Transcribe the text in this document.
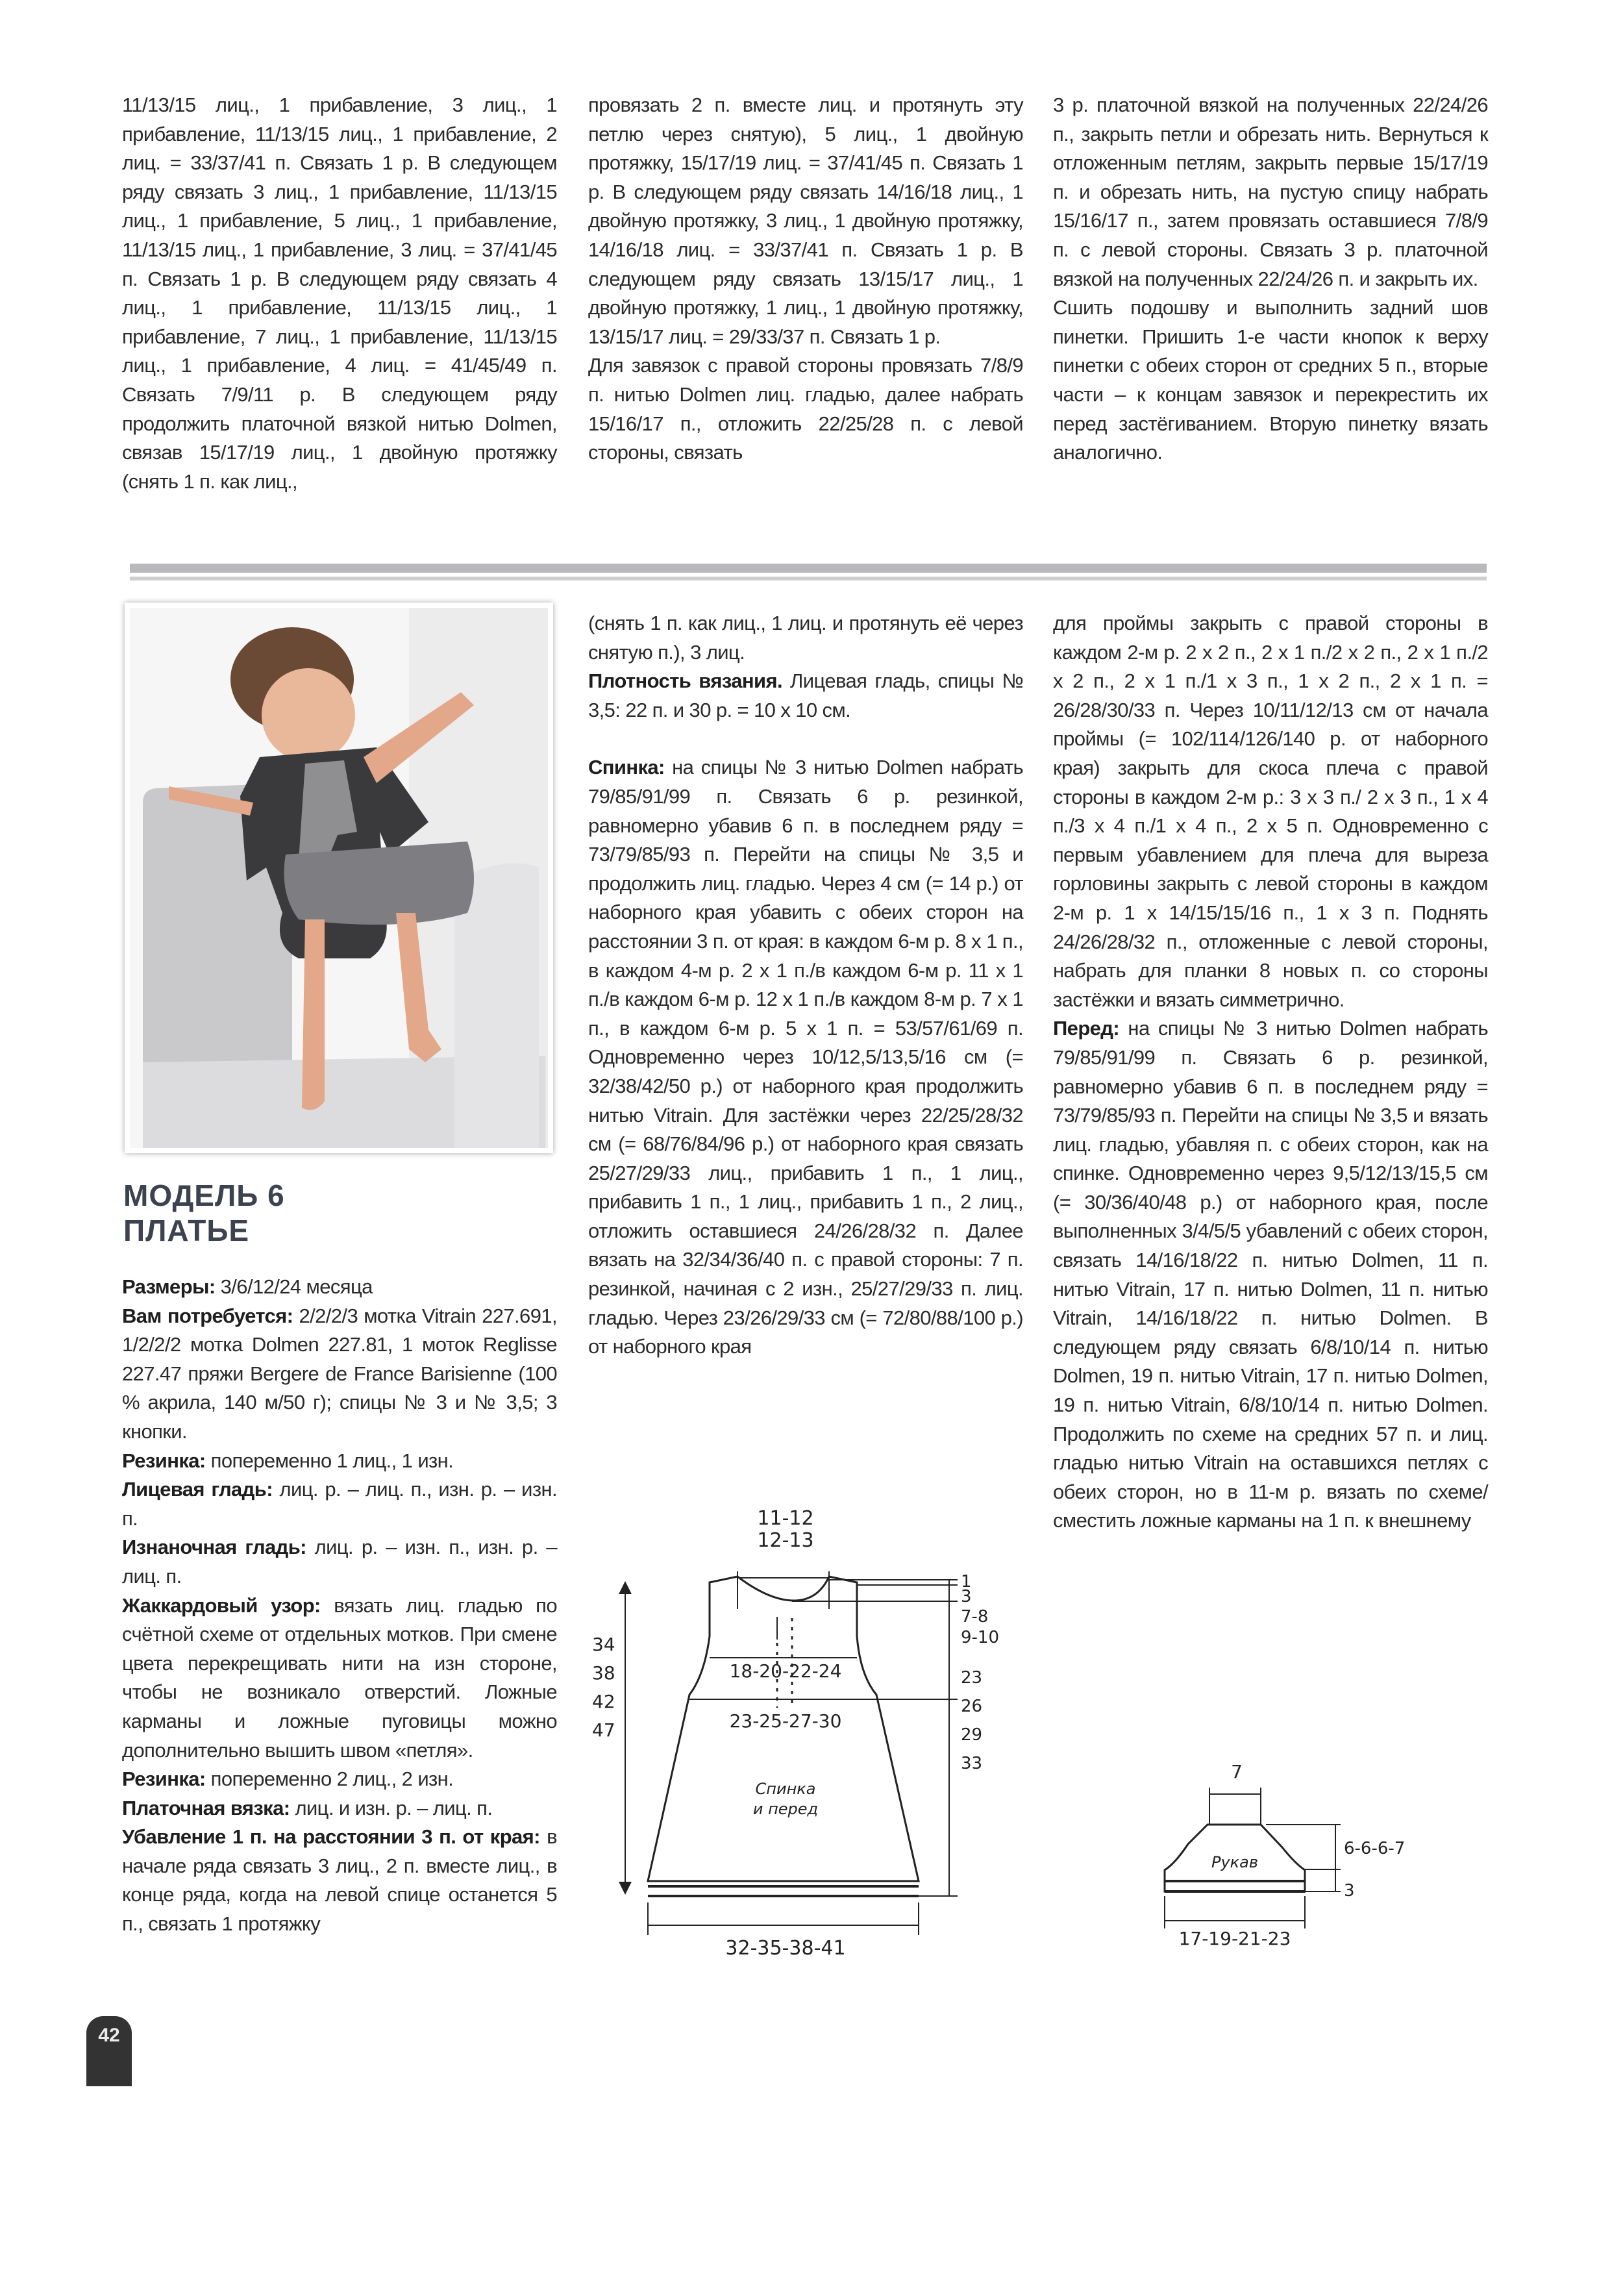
11/13/15 лиц., 1 прибавление, 3 лиц., 1 прибавление, 11/13/15 лиц., 1 прибавление, 2 лиц. = 33/37/41 п. Связать 1 р. В следующем ряду связать 3 лиц., 1 прибавление, 11/13/15 лиц., 1 прибавление, 5 лиц., 1 прибавление, 11/13/15 лиц., 1 прибавление, 3 лиц. = 37/41/45 п. Связать 1 р. В следующем ряду связать 4 лиц., 1 прибавление, 11/13/15 лиц., 1 прибавление, 7 лиц., 1 прибавление, 11/13/15 лиц., 1 прибавление, 4 лиц. = 41/45/49 п. Связать 7/9/11 р. В следующем ряду продолжить платочной вязкой нитью Dolmen, связав 15/17/19 лиц., 1 двойную протяжку (снять 1 п. как лиц.,

провязать 2 п. вместе лиц. и протянуть эту петлю через снятую), 5 лиц., 1 двойную протяжку, 15/17/19 лиц. = 37/41/45 п. Связать 1 р. В следующем ряду связать 14/16/18 лиц., 1 двойную протяжку, 3 лиц., 1 двойную протяжку, 14/16/18 лиц. = 33/37/41 п. Связать 1 р. В следующем ряду связать 13/15/17 лиц., 1 двойную протяжку, 1 лиц., 1 двойную протяжку, 13/15/17 лиц. = 29/33/37 п. Связать 1 р.

Для завязок с правой стороны провязать 7/8/9 п. нитью Dolmen лиц. гладью, далее набрать 15/16/17 п., отложить 22/25/28 п. с левой стороны, связать

3 р. платочной вязкой на полученных 22/24/26 п., закрыть петли и обрезать нить. Вернуться к отложенным петлям, закрыть первые 15/17/19 п. и обрезать нить, на пустую спицу набрать 15/16/17 п., затем провязать оставшиеся 7/8/9 п. с левой стороны. Связать 3 р. платочной вязкой на полученных 22/24/26 п. и закрыть их.

Сшить подошву и выполнить задний шов пинетки. Пришить 1-е части кнопок к верху пинетки с обеих сторон от средних 5 п., вторые части – к концам завязок и перекрестить их перед застёгиванием. Вторую пинетку вязать аналогично.

МОДЕЛЬ 6
ПЛАТЬЕ

Размеры: 3/6/12/24 месяца

Вам потребуется: 2/2/2/3 мотка Vitrain 227.691, 1/2/2/2 мотка Dolmen 227.81, 1 моток Reglisse 227.47 пряжи Bergere de France Barisienne (100 % акрила, 140 м/50 г); спицы № 3 и № 3,5; 3 кнопки.

Резинка: попеременно 1 лиц., 1 изн.

Лицевая гладь: лиц. р. – лиц. п., изн. р. – изн. п.

Изнаночная гладь: лиц. р. – изн. п., изн. р. – лиц. п.

Жаккардовый узор: вязать лиц. гладью по счётной схеме от отдельных мотков. При смене цвета перекрещивать нити на изн стороне, чтобы не возникало отверстий. Ложные карманы и ложные пуговицы можно дополнительно вышить швом «петля».

Резинка: попеременно 2 лиц., 2 изн.

Платочная вязка: лиц. и изн. р. – лиц. п.

Убавление 1 п. на расстоянии 3 п. от края: в начале ряда связать 3 лиц., 2 п. вместе лиц., в конце ряда, когда на левой спице останется 5 п., связать 1 протяжку

(снять 1 п. как лиц., 1 лиц. и протянуть её через снятую п.), 3 лиц.

Плотность вязания. Лицевая гладь, спицы № 3,5: 22 п. и 30 р. = 10 x 10 см.

Спинка: на спицы № 3 нитью Dolmen набрать 79/85/91/99 п. Связать 6 р. резинкой, равномерно убавив 6 п. в последнем ряду = 73/79/85/93 п. Перейти на спицы № 3,5 и продолжить лиц. гладью. Через 4 см (= 14 р.) от наборного края убавить с обеих сторон на расстоянии 3 п. от края: в каждом 6-м р. 8 x 1 п., в каждом 4-м р. 2 x 1 п./в каждом 6-м р. 11 x 1 п./в каждом 6-м р. 12 x 1 п./в каждом 8-м р. 7 x 1 п., в каждом 6-м р. 5 x 1 п. = 53/57/61/69 п. Одновременно через 10/12,5/13,5/16 см (= 32/38/42/50 р.) от наборного края продолжить нитью Vitrain. Для застёжки через 22/25/28/32 см (= 68/76/84/96 р.) от наборного края связать 25/27/29/33 лиц., прибавить 1 п., 1 лиц., прибавить 1 п., 1 лиц., прибавить 1 п., 2 лиц., отложить оставшиеся 24/26/28/32 п. Далее вязать на 32/34/36/40 п. с правой стороны: 7 п. резинкой, начиная с 2 изн., 25/27/29/33 п. лиц. гладью. Через 23/26/29/33 см (= 72/80/88/100 р.) от наборного края

для проймы закрыть с правой стороны в каждом 2-м р. 2 x 2 п., 2 x 1 п./2 x 2 п., 2 x 1 п./2 x 2 п., 2 x 1 п./1 x 3 п., 1 x 2 п., 2 x 1 п. = 26/28/30/33 п. Через 10/11/12/13 см от начала проймы (= 102/114/126/140 р. от наборного края) закрыть для скоса плеча с правой стороны в каждом 2-м р.: 3 x 3 п./ 2 x 3 п., 1 x 4 п./3 x 4 п./1 x 4 п., 2 x 5 п. Одновременно с первым убавлением для плеча для выреза горловины закрыть с левой стороны в каждом 2-м р. 1 x 14/15/15/16 п., 1 x 3 п. Поднять 24/26/28/32 п., отложенные с левой стороны, набрать для планки 8 новых п. со стороны застёжки и вязать симметрично.

Перед: на спицы № 3 нитью Dolmen набрать 79/85/91/99 п. Связать 6 р. резинкой, равномерно убавив 6 п. в последнем ряду = 73/79/85/93 п. Перейти на спицы № 3,5 и вязать лиц. гладью, убавляя п. с обеих сторон, как на спинке. Одновременно через 9,5/12/13/15,5 см (= 30/36/40/48 р.) от наборного края, после выполненных 3/4/5/5 убавлений с обеих сторон, связать 14/16/18/22 п. нитью Dolmen, 11 п. нитью Vitrain, 17 п. нитью Dolmen, 11 п. нитью Vitrain, 14/16/18/22 п. нитью Dolmen. В следующем ряду связать 6/8/10/14 п. нитью Dolmen, 19 п. нитью Vitrain, 17 п. нитью Dolmen, 19 п. нитью Vitrain, 6/8/10/14 п. нитью Dolmen. Продолжить по схеме на средних 57 п. и лиц. гладью нитью Vitrain на оставшихся петлях с обеих сторон, но в 11-м р. вязать по схеме/сместить ложные карманы на 1 п. к внешнему

11-12
12-13
18-20-22-24
23-25-27-30
Спинка
и перед
32-35-38-41
34
38
42
47
1
3
7-8
9-10
23
26
29
33	7
Рукав
6-6-6-7
3
17-19-21-23
42
